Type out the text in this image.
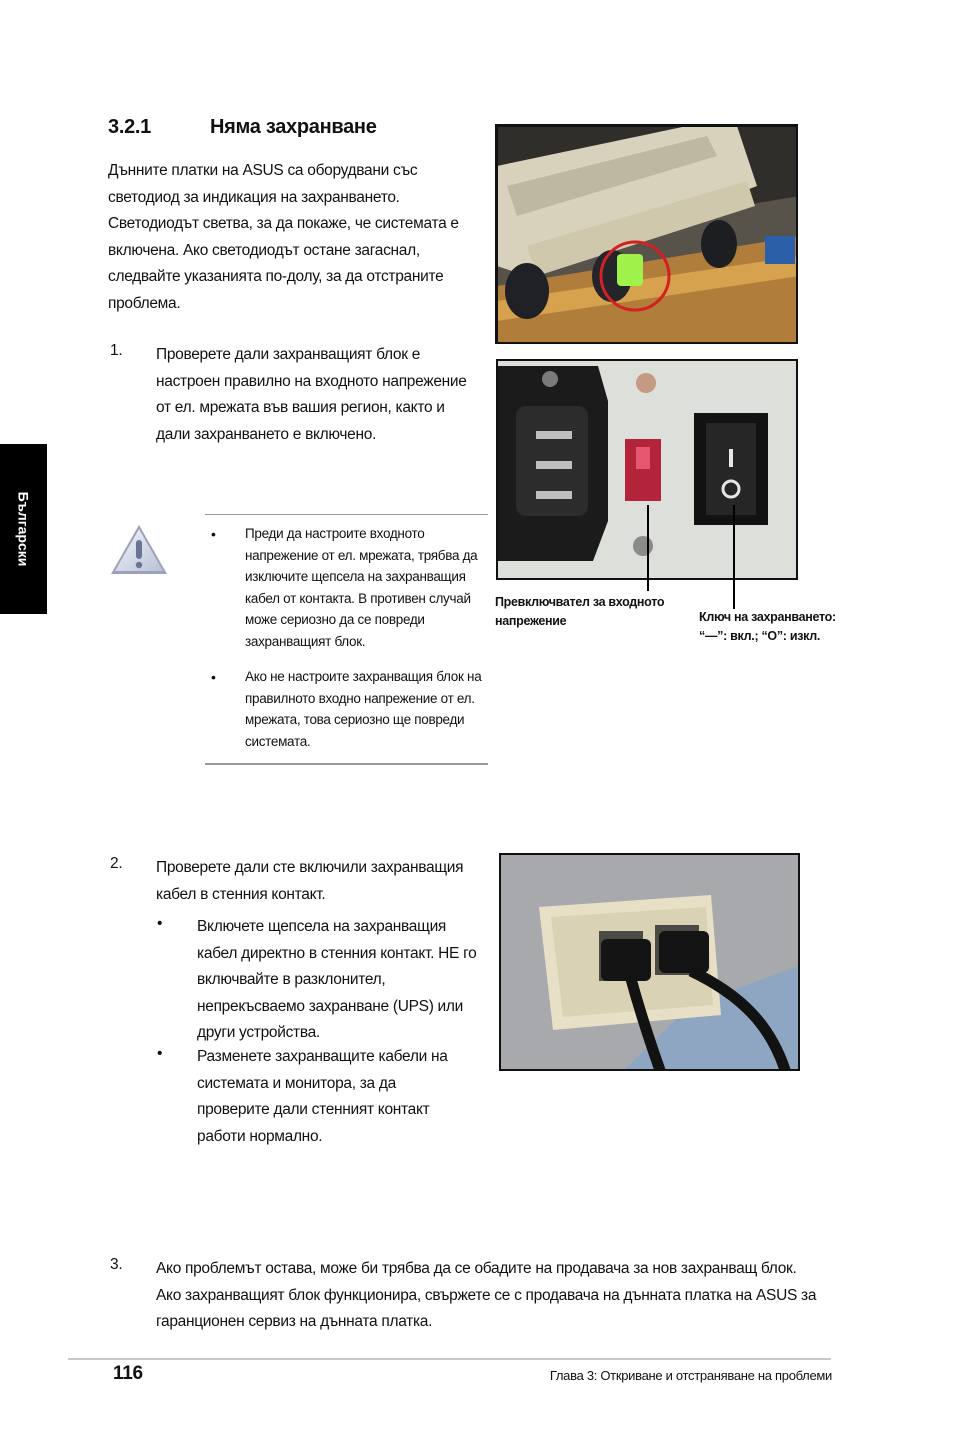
3.2.1	Няма захранване
Дънните платки на ASUS са оборудвани със светодиод за индикация на захранването. Светодиодът светва, за да покаже, че системата е включена. Ако светодиодът остане загаснал, следвайте указанията по-долу, за да отстраните проблема.
1. Проверете дали захранващият блок е настроен правилно на входното напрежение от ел. мрежата във вашия регион, както и дали захранването е включено.
Български	• Преди да настроите входното напрежение от ел. мрежата, трябва да изключите щепсела на захранващия кабел от контакта. В противен случай може сериозно да се повреди захранващият блок.
• Ако не настроите захранващия блок на правилното входно напрежение от ел. мрежата, това сериозно ще повреди системата.
Превключвател за входното
напрежение	Ключ на захранването:
“—”: вкл.; “O”: изкл.
2. Проверете дали сте включили захранващия кабел в стенния контакт.
• Включете щепсела на захранващия кабел директно в стенния контакт. НЕ го включвайте в разклонител, непрекъсваемо захранване (UPS) или други устройства.
• Разменете захранващите кабели на системата и монитора, за да проверите дали стенният контакт работи нормално.
3. Ако проблемът остава, може би трябва да се обадите на продавача за нов захранващ блок. Ако захранващият блок функционира, свържете се с продавача на дънната платка на ASUS за гаранционен сервиз на дънната платка.
116	Глава 3: Откриване и отстраняване на проблеми
